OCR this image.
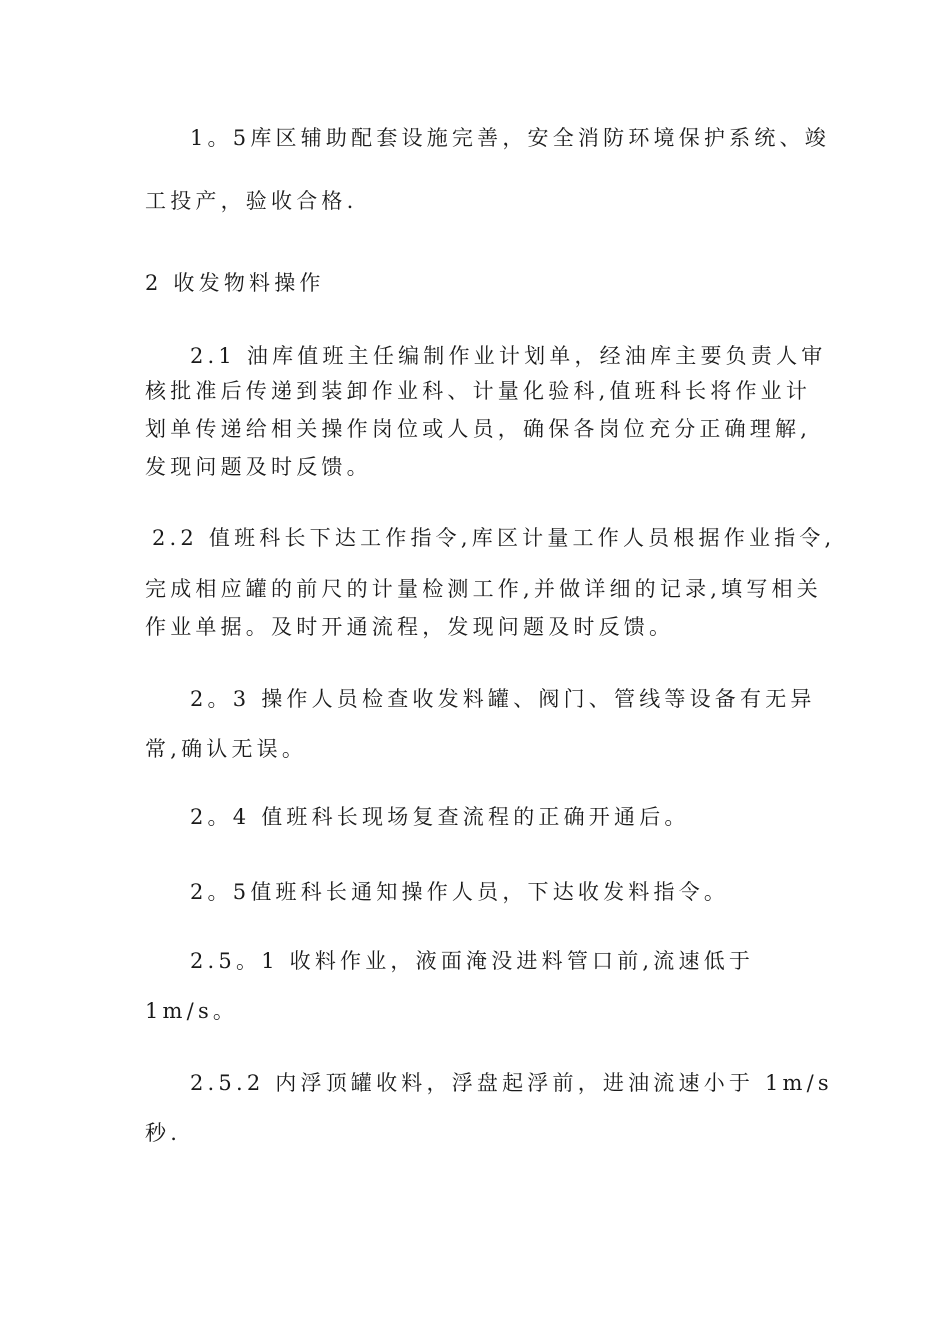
1。5库区辅助配套设施完善，安全消防环境保护系统、竣
工投产，验收合格.
2 收发物料操作
2.1 油库值班主任编制作业计划单，经油库主要负责人审
核批准后传递到装卸作业科、计量化验科,值班科长将作业计
划单传递给相关操作岗位或人员，确保各岗位充分正确理解,
发现问题及时反馈。
2.2 值班科长下达工作指令,库区计量工作人员根据作业指令,
完成相应罐的前尺的计量检测工作,并做详细的记录,填写相关
作业单据。及时开通流程，发现问题及时反馈。
2。3 操作人员检查收发料罐、阀门、管线等设备有无异
常,确认无误。
2。4 值班科长现场复查流程的正确开通后。
2。5值班科长通知操作人员，下达收发料指令。
2.5。1 收料作业，液面淹没进料管口前,流速低于
1m/s。
2.5.2 内浮顶罐收料，浮盘起浮前，进油流速小于 1m/s
秒.
